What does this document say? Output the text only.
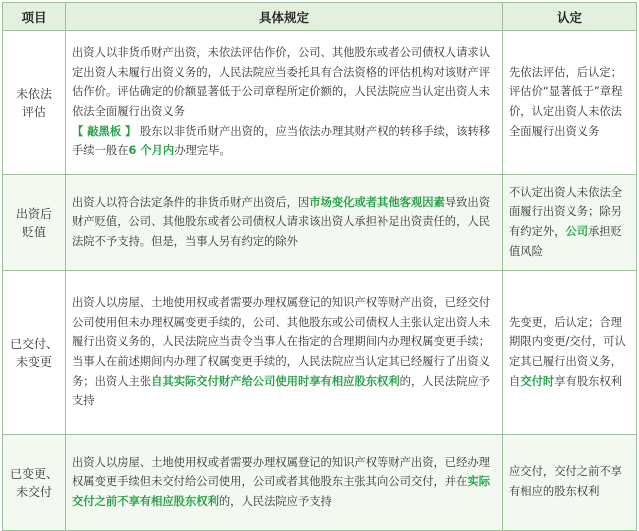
项目	具体规定	认定
未依法
评估	出资人以非货币财产出资，未依法评估作价，公司、其他股东或者公司债权人请求认定出资人未履行出资义务的，人民法院应当委托具有合法资格的评估机构对该财产评估作价。评估确定的价额显著低于公司章程所定价额的，人民法院应当认定出资人未依法全面履行出资义务
【 敲黑板 】 股东以非货币财产出资的，应当依法办理其财产权的转移手续，该转移手续一般在6 个月内办理完毕。	先依法评估，后认定；评估价“显著低于”章程价，认定出资人未依法全面履行出资义务
出资后
贬值	出资人以符合法定条件的非货币财产出资后，因市场变化或者其他客观因素导致出资财产贬值，公司、其他股东或者公司债权人请求该出资人承担补足出资责任的，人民法院不予支持。但是，当事人另有约定的除外	不认定出资人未依法全面履行出资义务；除另有约定外，公司承担贬值风险
已交付、
未变更	出资人以房屋、土地使用权或者需要办理权属登记的知识产权等财产出资，已经交付公司使用但未办理权属变更手续的，公司、其他股东或公司债权人主张认定出资人未履行出资义务的，人民法院应当责令当事人在指定的合理期间内办理权属变更手续；当事人在前述期间内办理了权属变更手续的，人民法院应当认定其已经履行了出资义务；出资人主张自其实际交付财产给公司使用时享有相应股东权利的，人民法院应予支持	先变更，后认定；合理期限内变更/交付，可认定其已履行出资义务，自交付时享有股东权利
已变更、
未交付	出资人以房屋、土地使用权或者需要办理权属登记的知识产权等财产出资，已经办理权属变更手续但未交付给公司使用，公司或者其他股东主张其向公司交付，并在实际交付之前不享有相应股东权利的，人民法院应予支持	应交付，交付之前不享有相应的股东权利
